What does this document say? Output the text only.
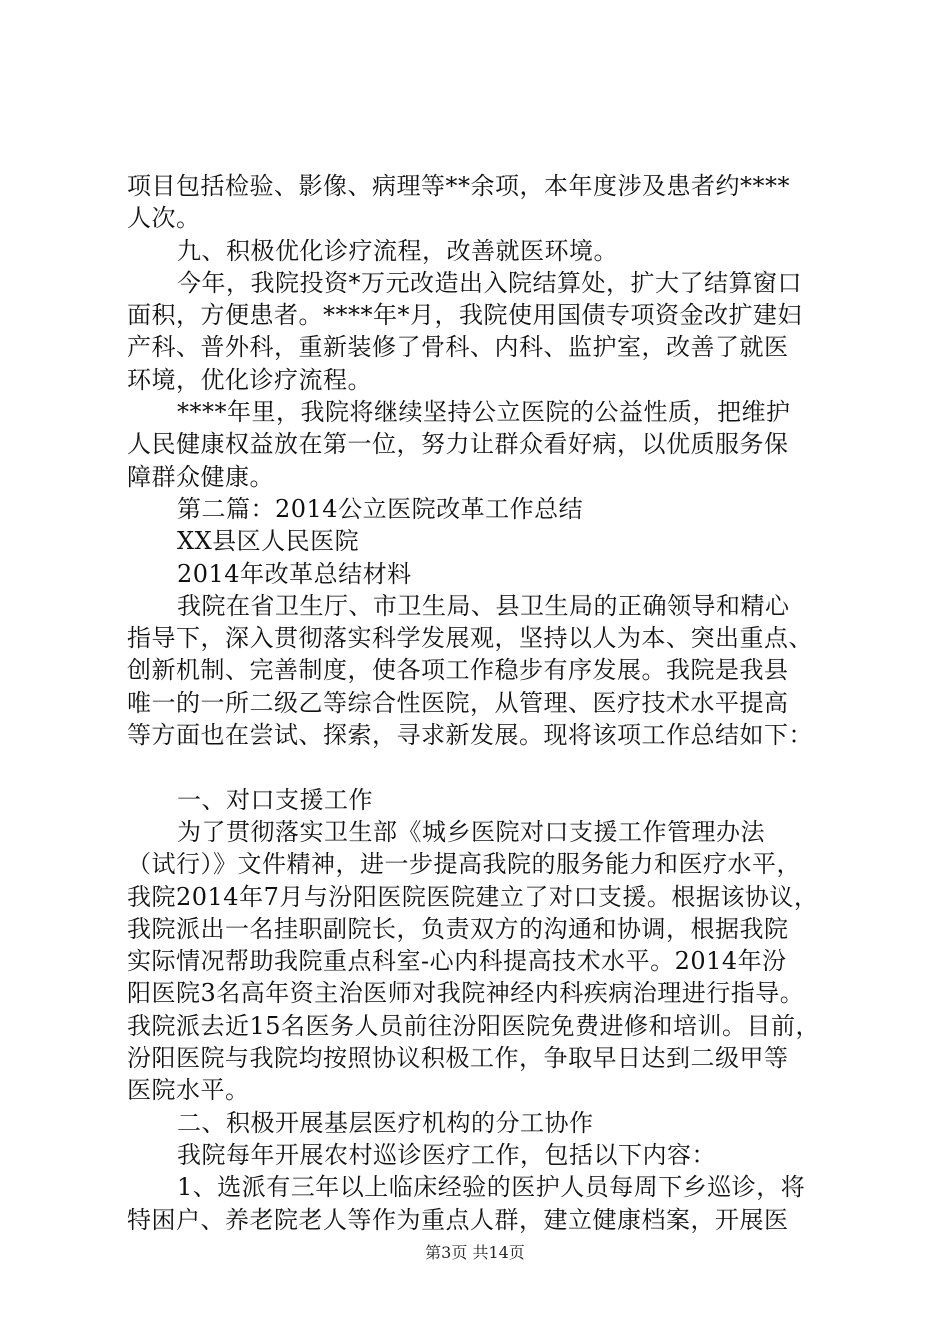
项目包括检验、影像、病理等**余项，本年度涉及患者约****
人次。
九、积极优化诊疗流程，改善就医环境。
今年，我院投资*万元改造出入院结算处，扩大了结算窗口
面积，方便患者。****年*月，我院使用国债专项资金改扩建妇
产科、普外科，重新装修了骨科、内科、监护室，改善了就医
环境，优化诊疗流程。
****年里，我院将继续坚持公立医院的公益性质，把维护
人民健康权益放在第一位，努力让群众看好病，以优质服务保
障群众健康。
第二篇：2014公立医院改革工作总结
XX县区人民医院
2014年改革总结材料
我院在省卫生厅、市卫生局、县卫生局的正确领导和精心
指导下，深入贯彻落实科学发展观，坚持以人为本、突出重点、
创新机制、完善制度，使各项工作稳步有序发展。我院是我县
唯一的一所二级乙等综合性医院，从管理、医疗技术水平提高
等方面也在尝试、探索，寻求新发展。现将该项工作总结如下：
一、对口支援工作
为了贯彻落实卫生部《城乡医院对口支援工作管理办法
（试行）》文件精神，进一步提高我院的服务能力和医疗水平，
我院2014年7月与汾阳医院医院建立了对口支援。根据该协议，
我院派出一名挂职副院长，负责双方的沟通和协调，根据我院
实际情况帮助我院重点科室-心内科提高技术水平。2014年汾
阳医院3名高年资主治医师对我院神经内科疾病治理进行指导。
我院派去近15名医务人员前往汾阳医院免费进修和培训。目前，
汾阳医院与我院均按照协议积极工作，争取早日达到二级甲等
医院水平。
二、积极开展基层医疗机构的分工协作
我院每年开展农村巡诊医疗工作，包括以下内容：
1、选派有三年以上临床经验的医护人员每周下乡巡诊，将
特困户、养老院老人等作为重点人群，建立健康档案，开展医
第3页 共14页
